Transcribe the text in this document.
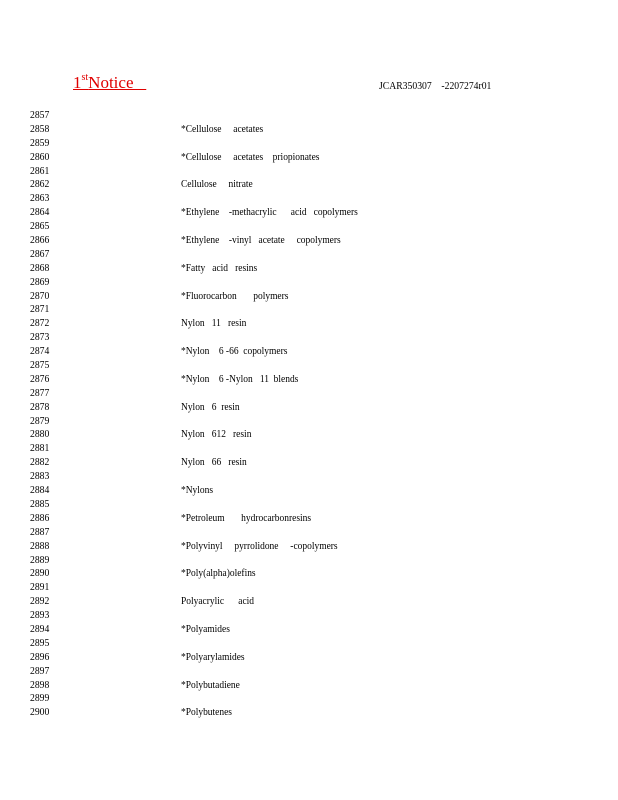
1stNotice	JCAR350307    -2207274r01
2857
2858	*Cellulose     acetates
2859
2860	*Cellulose     acetates    priopionates
2861
2862	Cellulose     nitrate
2863
2864	*Ethylene    -methacrylic      acid   copolymers
2865
2866	*Ethylene    -vinyl   acetate     copolymers
2867
2868	*Fatty   acid   resins
2869
2870	*Fluorocarbon       polymers
2871
2872	Nylon   11   resin
2873
2874	*Nylon    6 -66  copolymers
2875
2876	*Nylon    6 -Nylon   11  blends
2877
2878	Nylon   6  resin
2879
2880	Nylon   612   resin
2881
2882	Nylon   66   resin
2883
2884	*Nylons
2885
2886	*Petroleum       hydrocarbonresins
2887
2888	*Polyvinyl     pyrrolidone     -copolymers
2889
2890	*Poly(alpha)olefins
2891
2892	Polyacrylic      acid
2893
2894	*Polyamides
2895
2896	*Polyarylamides
2897
2898	*Polybutadiene
2899
2900	*Polybutenes
